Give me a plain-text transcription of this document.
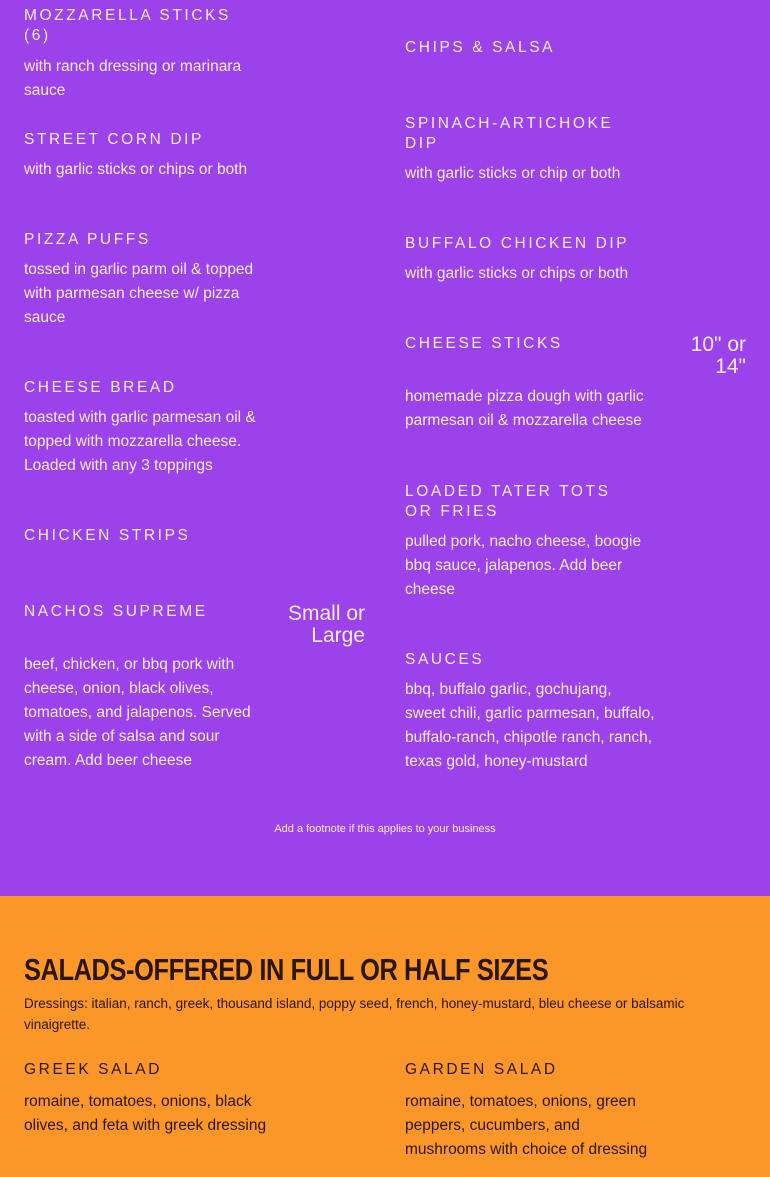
MOZZARELLA STICKS (6)

with ranch dressing or marinara sauce

STREET CORN DIP

with garlic sticks or chips or both

PIZZA PUFFS

tossed in garlic parm oil & topped with parmesan cheese w/ pizza sauce

CHEESE BREAD

toasted with garlic parmesan oil & topped with mozzarella cheese. Loaded with any 3 toppings

CHICKEN STRIPS

NACHOS SUPREME

beef, chicken, or bbq pork with cheese, onion, black olives, tomatoes, and jalapenos. Served with a side of salsa and sour cream. Add beer cheese

Small or Large

CHIPS & SALSA

SPINACH-ARTICHOKE DIP

with garlic sticks or chip or both

BUFFALO CHICKEN DIP

with garlic sticks or chips or both

CHEESE STICKS

homemade pizza dough with garlic parmesan oil & mozzarella cheese

10" or 14"

LOADED TATER TOTS OR FRIES

pulled pork, nacho cheese, boogie bbq sauce, jalapenos. Add beer cheese

SAUCES

bbq, buffalo garlic, gochujang, sweet chili, garlic parmesan, buffalo, buffalo-ranch, chipotle ranch, ranch, texas gold, honey-mustard

Add a footnote if this applies to your business
SALADS-OFFERED IN FULL OR HALF SIZES

Dressings: italian, ranch, greek, thousand island, poppy seed, french, honey-mustard, bleu cheese or balsamic vinaigrette.

GREEK SALAD

romaine, tomatoes, onions, black olives, and feta with greek dressing

GARDEN SALAD

romaine, tomatoes, onions, green peppers, cucumbers, and mushrooms with choice of dressing
